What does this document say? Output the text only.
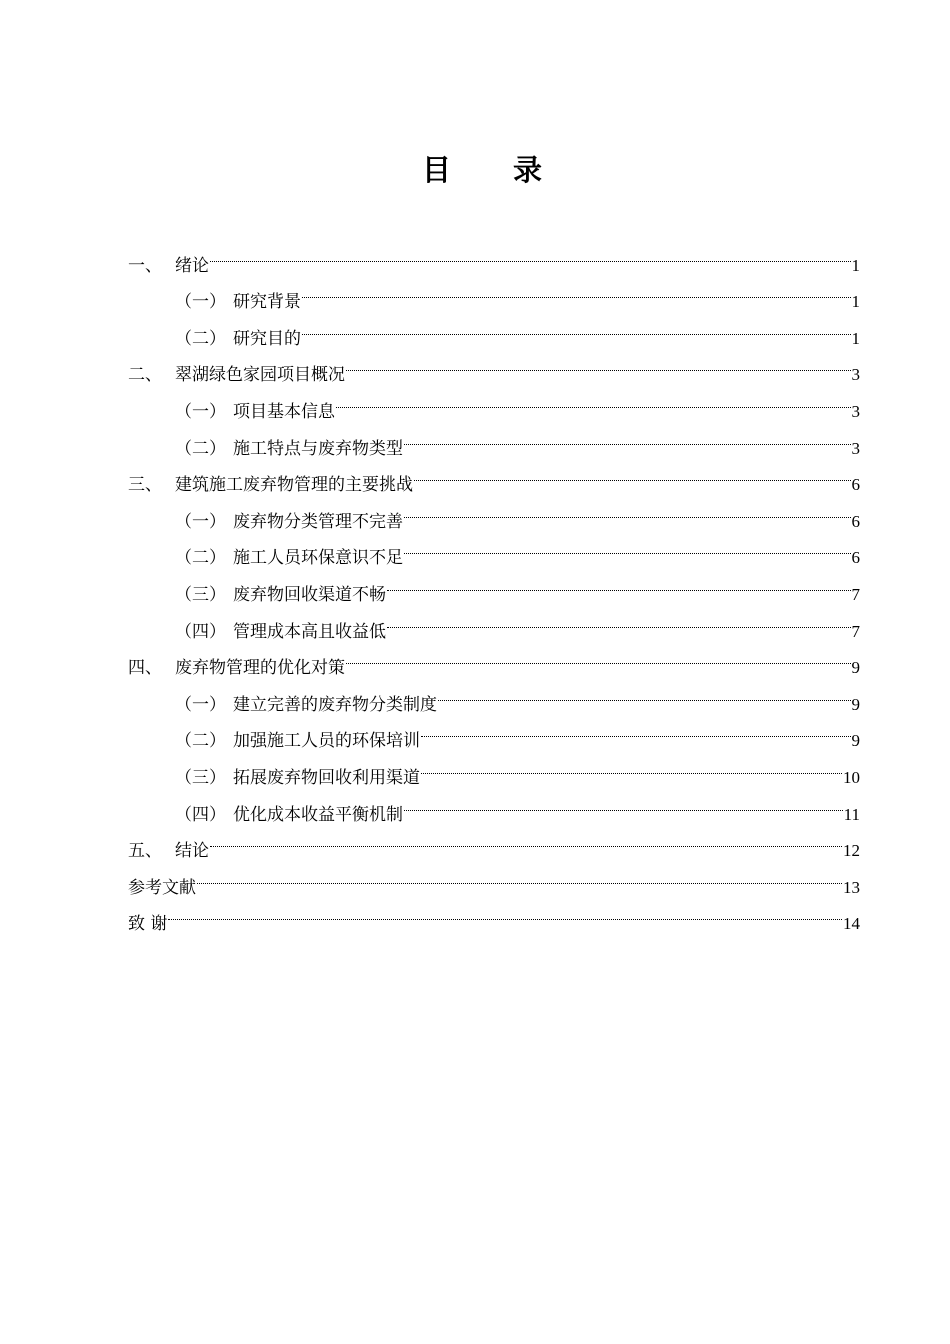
目 录
一、 绪论	1
（一） 研究背景	1
（二） 研究目的	1
二、 翠湖绿色家园项目概况	3
（一） 项目基本信息	3
（二） 施工特点与废弃物类型	3
三、 建筑施工废弃物管理的主要挑战	6
（一） 废弃物分类管理不完善	6
（二） 施工人员环保意识不足	6
（三） 废弃物回收渠道不畅	7
（四） 管理成本高且收益低	7
四、 废弃物管理的优化对策	9
（一） 建立完善的废弃物分类制度	9
（二） 加强施工人员的环保培训	9
（三） 拓展废弃物回收利用渠道	10
（四） 优化成本收益平衡机制	11
五、 结论	12
参考文献	13
致 谢	14
